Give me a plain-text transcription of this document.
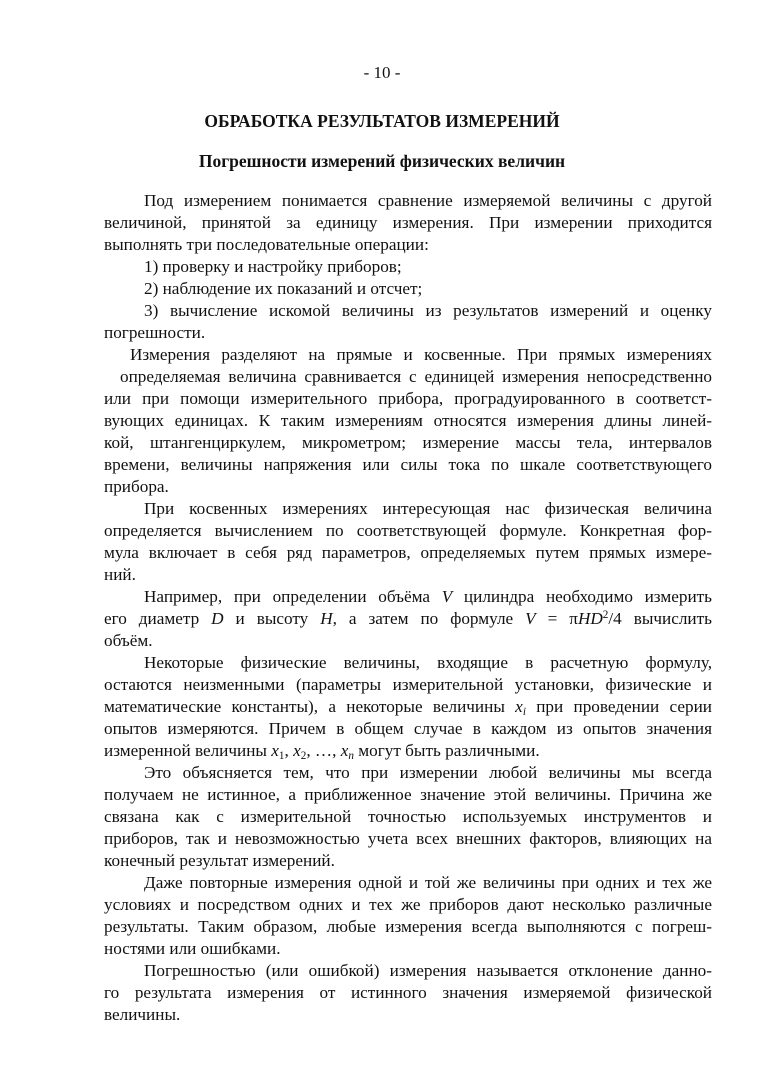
- 10 -
ОБРАБОТКА РЕЗУЛЬТАТОВ ИЗМЕРЕНИЙ
Погрешности измерений физических величин
Под измерением понимается сравнение измеряемой величины с другой
величиной, принятой за единицу измерения. При измерении приходится
выполнять три последовательные операции:
1) проверку и настройку приборов;
2) наблюдение их показаний и отсчет;
3) вычисление искомой величины из результатов измерений и оценку
погрешности.
Измерения разделяют на прямые и косвенные. При прямых измерениях
определяемая величина сравнивается с единицей измерения непосредственно
или при помощи измерительного прибора, проградуированного в соответст-
вующих единицах. К таким измерениям относятся измерения длины линей-
кой, штангенциркулем, микрометром; измерение массы тела, интервалов
времени, величины напряжения или силы тока по шкале соответствующего
прибора.
При косвенных измерениях интересующая нас физическая величина
определяется вычислением по соответствующей формуле. Конкретная фор-
мула включает в себя ряд параметров, определяемых путем прямых измере-
ний.
Например, при определении объёма V цилиндра необходимо измерить
его диаметр D и высоту H, а затем по формуле V = πHD$^2$/4 вычислить
объём.
Некоторые физические величины, входящие в расчетную формулу,
остаются неизменными (параметры измерительной установки, физические и
математические константы), а некоторые величины $x_i$ при проведении серии
опытов измеряются. Причем в общем случае в каждом из опытов значения
измеренной величины $x_1$, $x_2$, …, $x_n$ могут быть различными.
Это объясняется тем, что при измерении любой величины мы всегда
получаем не истинное, а приближенное значение этой величины. Причина же
связана как с измерительной точностью используемых инструментов и
приборов, так и невозможностью учета всех внешних факторов, влияющих на
конечный результат измерений.
Даже повторные измерения одной и той же величины при одних и тех же
условиях и посредством одних и тех же приборов дают несколько различные
результаты. Таким образом, любые измерения всегда выполняются с погреш-
ностями или ошибками.
Погрешностью (или ошибкой) измерения называется отклонение данно-
го результата измерения от истинного значения измеряемой физической
величины.
